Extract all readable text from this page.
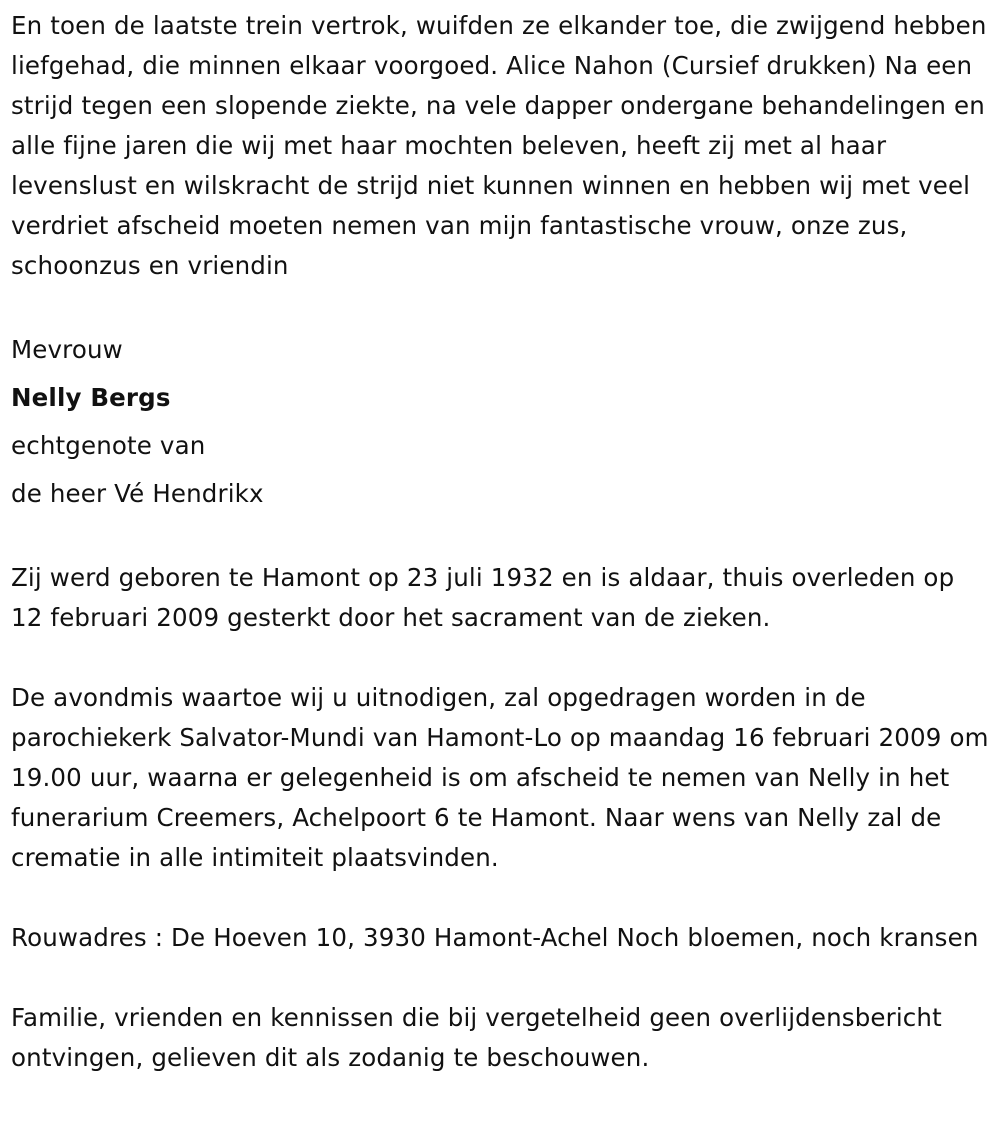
En toen de laatste trein vertrok, wuifden ze elkander toe, die zwijgend hebben liefgehad, die minnen elkaar voorgoed. Alice Nahon (Cursief drukken) Na een strijd tegen een slopende ziekte, na vele dapper ondergane behandelingen en alle fijne jaren die wij met haar mochten beleven, heeft zij met al haar levenslust en wilskracht de strijd niet kunnen winnen en hebben wij met veel verdriet afscheid moeten nemen van mijn fantastische vrouw, onze zus, schoonzus en vriendin

Mevrouw

Nelly Bergs

echtgenote van

de heer Vé Hendrikx

Zij werd geboren te Hamont op 23 juli 1932 en is aldaar, thuis overleden op 12 februari 2009 gesterkt door het sacrament van de zieken.

De avondmis waartoe wij u uitnodigen, zal opgedragen worden in de parochiekerk Salvator-Mundi van Hamont-Lo op maandag 16 februari 2009 om 19.00 uur, waarna er gelegenheid is om afscheid te nemen van Nelly in het funerarium Creemers, Achelpoort 6 te Hamont. Naar wens van Nelly zal de crematie in alle intimiteit plaatsvinden.

Rouwadres : De Hoeven 10, 3930 Hamont-Achel Noch bloemen, noch kransen

Familie, vrienden en kennissen die bij vergetelheid geen overlijdensbericht ontvingen, gelieven dit als zodanig te beschouwen.
